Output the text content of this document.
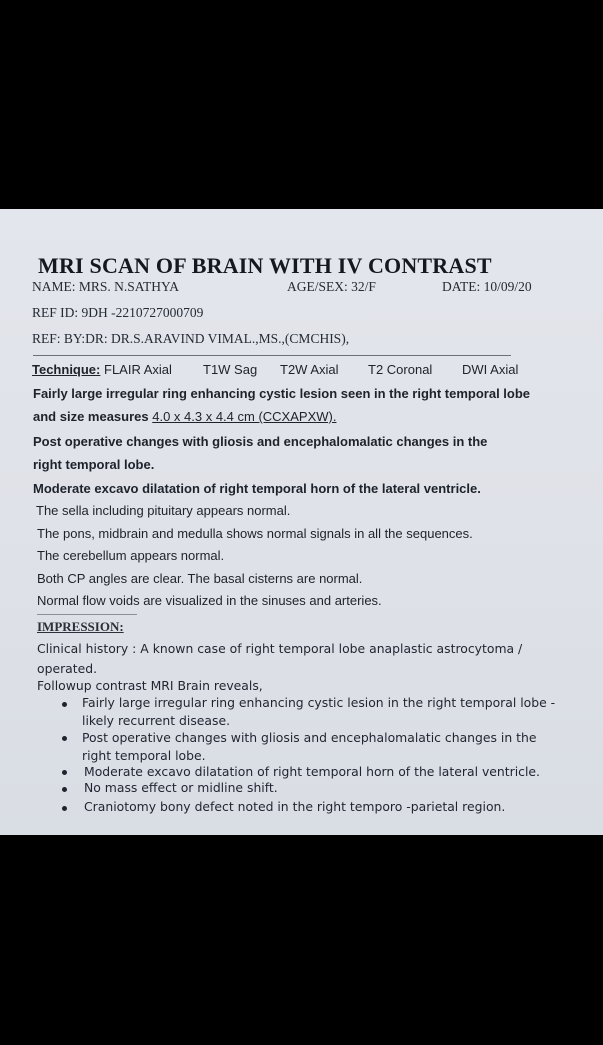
MRI SCAN OF BRAIN WITH IV CONTRAST
NAME: MRS. N.SATHYA	AGE/SEX: 32/F	DATE: 10/09/20
REF ID: 9DH -2210727000709
REF: BY:DR: DR.S.ARAVIND VIMAL.,MS.,(CMCHIS),
Technique: FLAIR Axial T1W Sag T2W Axial T2 Coronal DWI Axial
Fairly large irregular ring enhancing cystic lesion seen in the right temporal lobe
and size measures 4.0 x 4.3 x 4.4 cm (CCXAPXW).
Post operative changes with gliosis and encephalomalatic changes in the
right temporal lobe.
Moderate excavo dilatation of right temporal horn of the lateral ventricle.
The sella including pituitary appears normal.
The pons, midbrain and medulla shows normal signals in all the sequences.
The cerebellum appears normal.
Both CP angles are clear. The basal cisterns are normal.
Normal flow voids are visualized in the sinuses and arteries.
IMPRESSION:
Clinical history : A known case of right temporal lobe anaplastic astrocytoma /
operated.
Followup contrast MRI Brain reveals,
Fairly large irregular ring enhancing cystic lesion in the right temporal lobe -
likely recurrent disease.
Post operative changes with gliosis and encephalomalatic changes in the
right temporal lobe.
Moderate excavo dilatation of right temporal horn of the lateral ventricle.
No mass effect or midline shift.
Craniotomy bony defect noted in the right temporo -parietal region.
